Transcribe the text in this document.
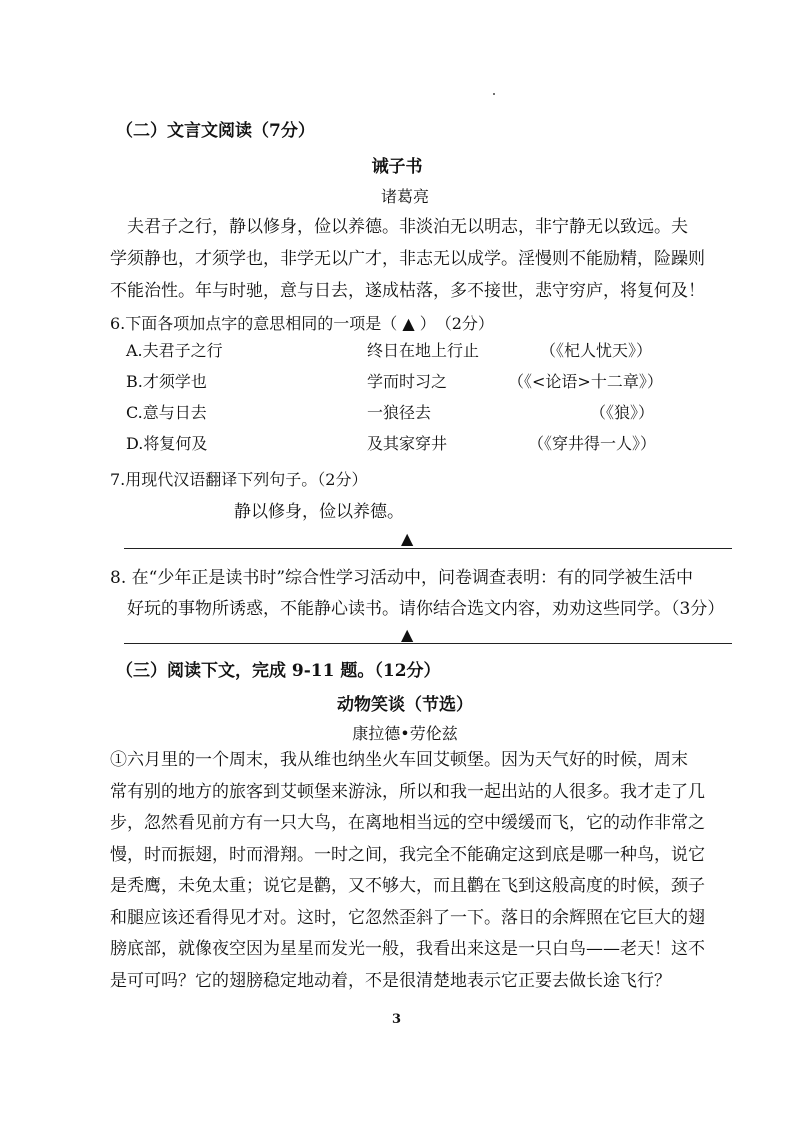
（二）文言文阅读（7分）
诫子书
诸葛亮

　夫君子之行，静以修身，俭以养德。非淡泊无以明志，非宁静无以致远。夫

学须静也，才须学也，非学无以广才，非志无以成学。淫慢则不能励精，险躁则

不能治性。年与时驰，意与日去，遂成枯落，多不接世，悲守穷庐，将复何及！

6.下面各项加点字的意思相同的一项是（ ▲ ）　（2分）
A.夫君子之行	终日在地上行止	（《杞人忧天》）
B.才须学也	学而时习之	（《<论语>十二章》）
C.意与日去	一狼径去	（《狼》）
D.将复何及	及其家穿井	（《穿井得一人》）
7.用现代汉语翻译下列句子。（2分）
静以修身，俭以养德。
▲
8. 在“少年正是读书时”综合性学习活动中，问卷调查表明：有的同学被生活中
好玩的事物所诱惑，不能静心读书。请你结合选文内容，劝劝这些同学。（3分）
▲
（三）阅读下文，完成 9-11 题。（12分）
动物笑谈（节选）
康拉德•劳伦兹

①六月里的一个周末，我从维也纳坐火车回艾顿堡。因为天气好的时候，周末

常有别的地方的旅客到艾顿堡来游泳，所以和我一起出站的人很多。我才走了几

步，忽然看见前方有一只大鸟，在离地相当远的空中缓缓而飞，它的动作非常之

慢，时而振翅，时而滑翔。一时之间，我完全不能确定这到底是哪一种鸟，说它

是秃鹰，未免太重；说它是鹳，又不够大，而且鹳在飞到这般高度的时候，颈子

和腿应该还看得见才对。这时，它忽然歪斜了一下。落日的余辉照在它巨大的翅

膀底部，就像夜空因为星星而发光一般，我看出来这是一只白鸟——老天！这不

是可可吗？它的翅膀稳定地动着，不是很清楚地表示它正要去做长途飞行？

3
